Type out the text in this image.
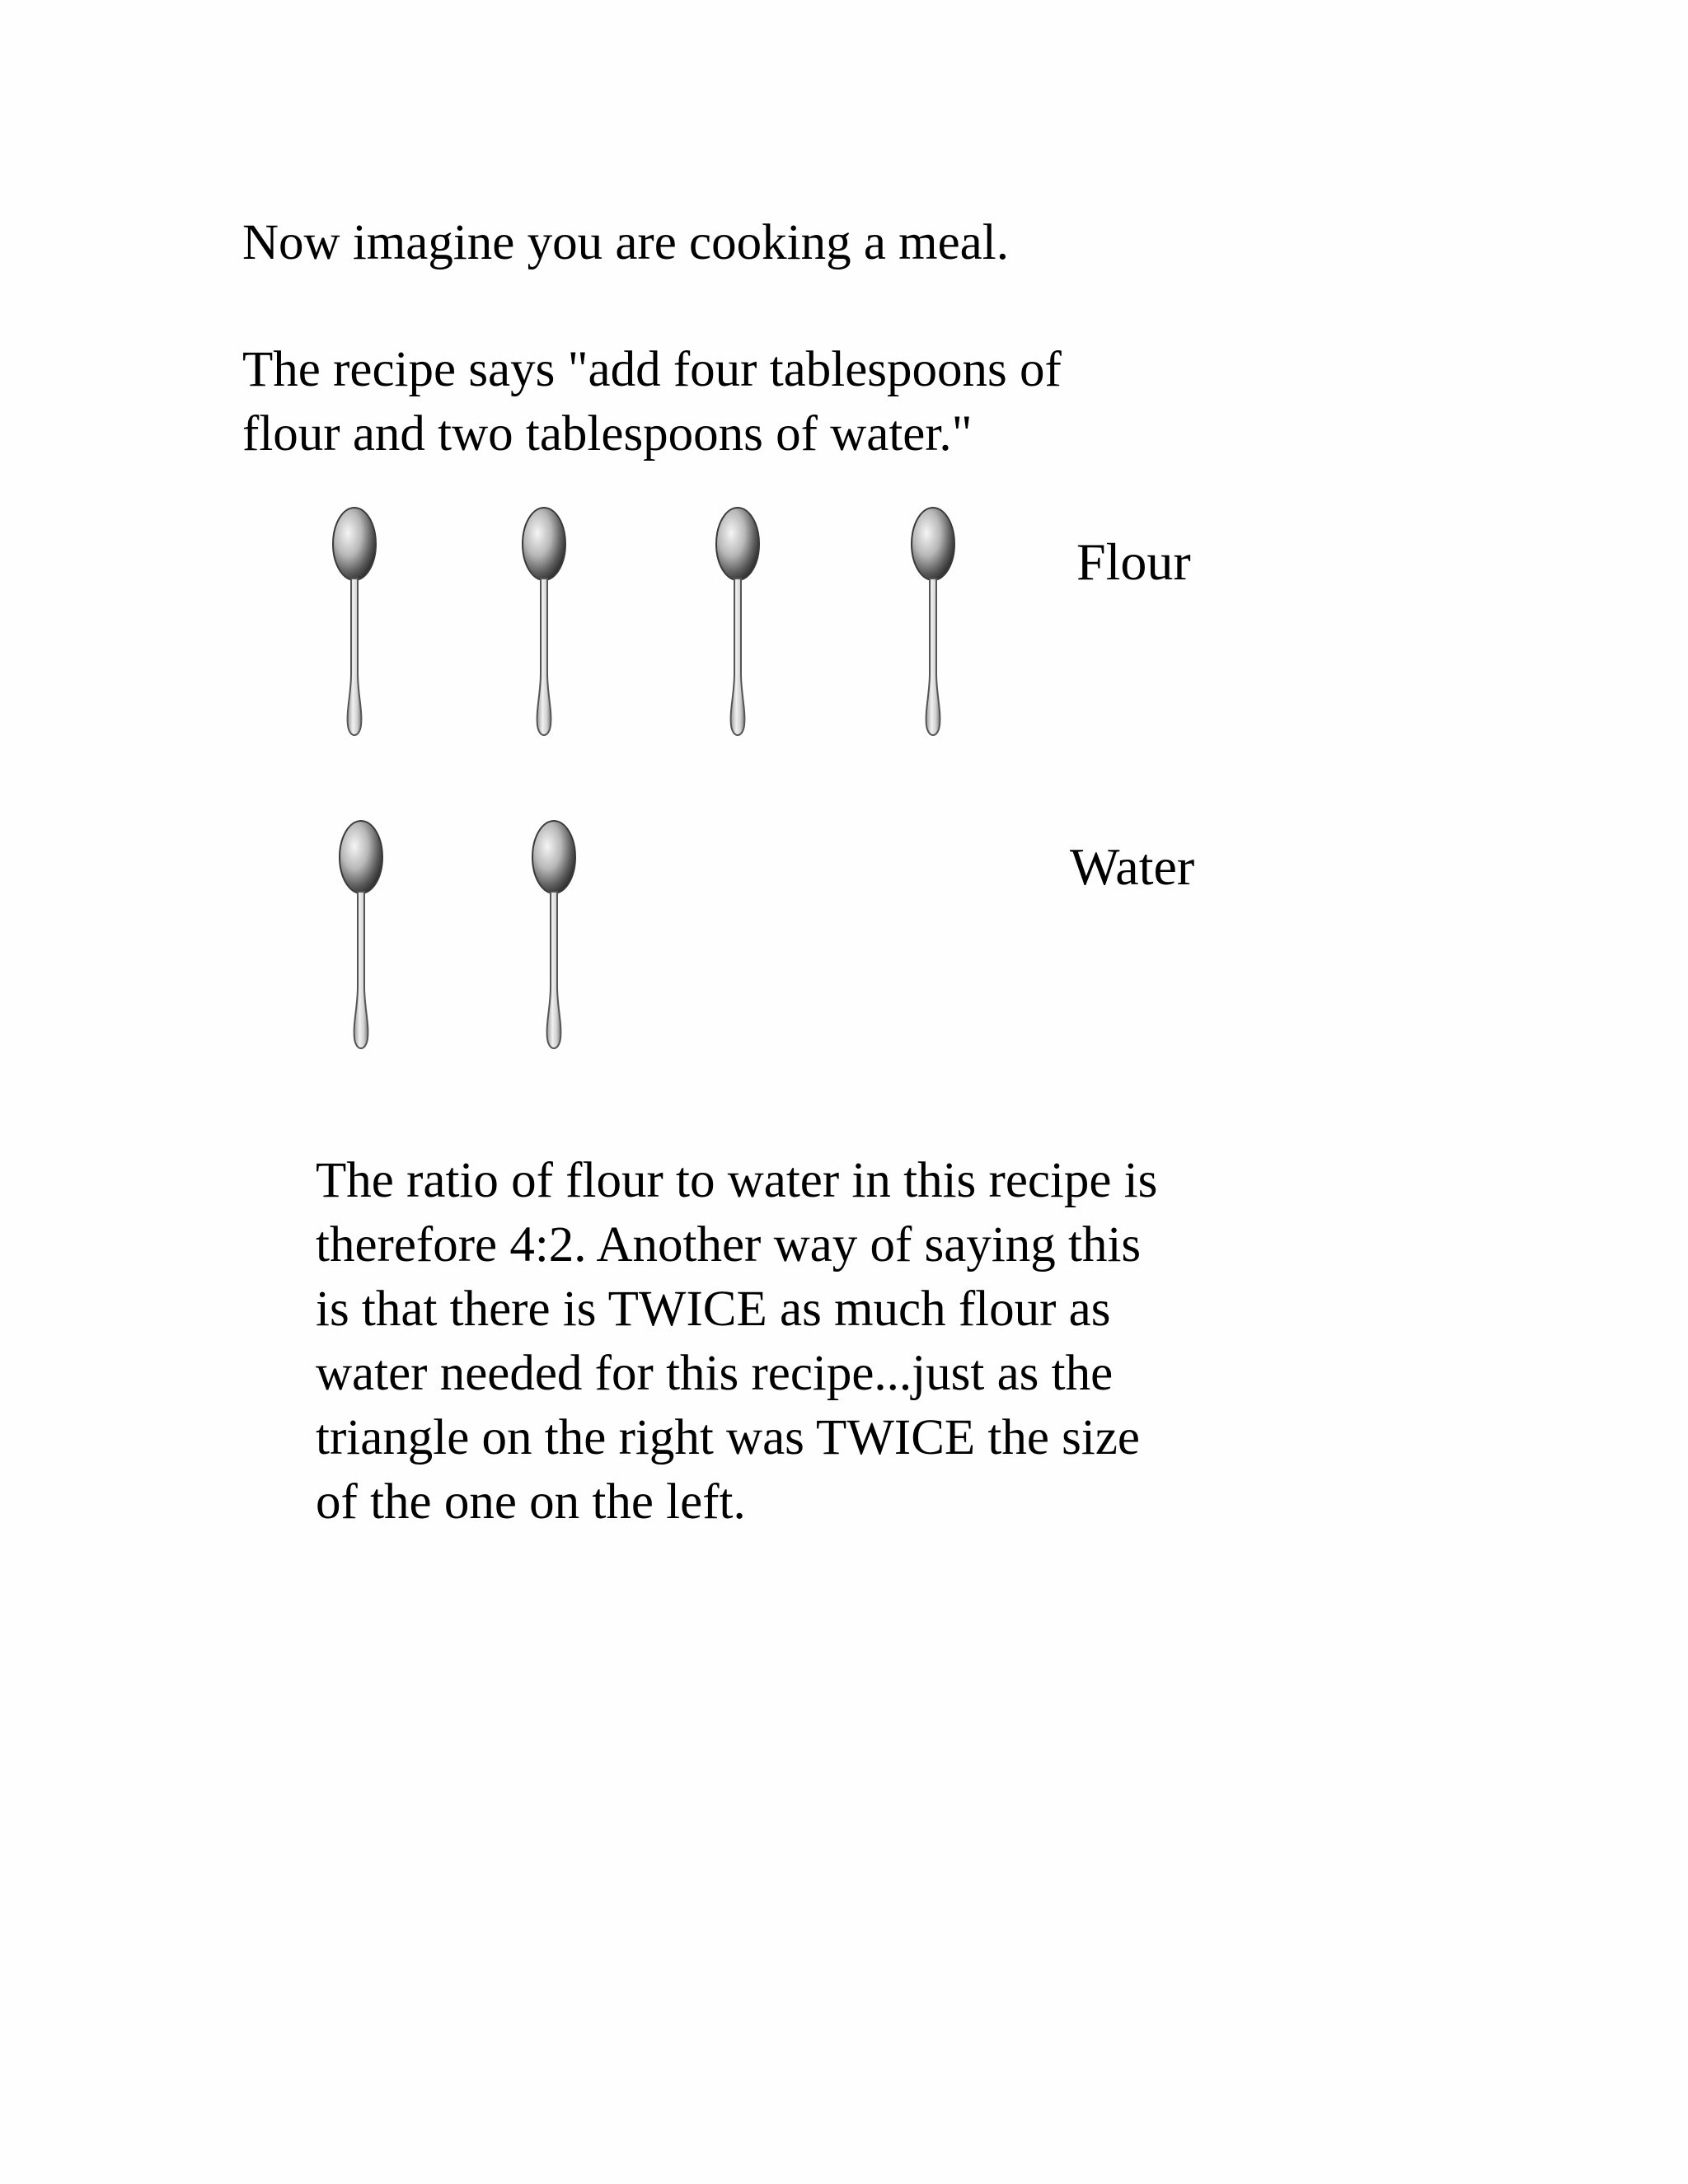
Now imagine you are cooking a meal.

The recipe says "add four tablespoons of

flour and two tablespoons of water."

Flour

Water

The ratio of flour to water in this recipe is
therefore 4:2. Another way of saying this
is that there is TWICE as much flour as
water needed for this recipe...just as the
triangle on the right was TWICE the size
of the one on the left.
